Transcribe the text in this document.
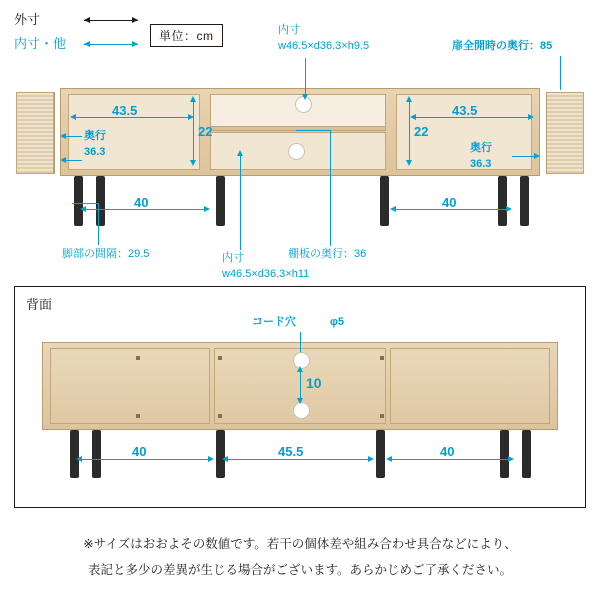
外寸
内寸・他	単位：cm	内寸
w46.5×d36.3×h9.5	扉全開時の奥行：85
内寸
w46.5×d36.3×h11
棚板の奥行：36
脚部の間隔：29.5
43.5
22
43.5
22
奥行
36.3	奥行
36.3
40	40
背面
コード穴	φ5
10
40	45.5	40
※サイズはおおよその数値です。若干の個体差や組み合わせ具合などにより、
表記と多少の差異が生じる場合がございます。あらかじめご了承ください。
